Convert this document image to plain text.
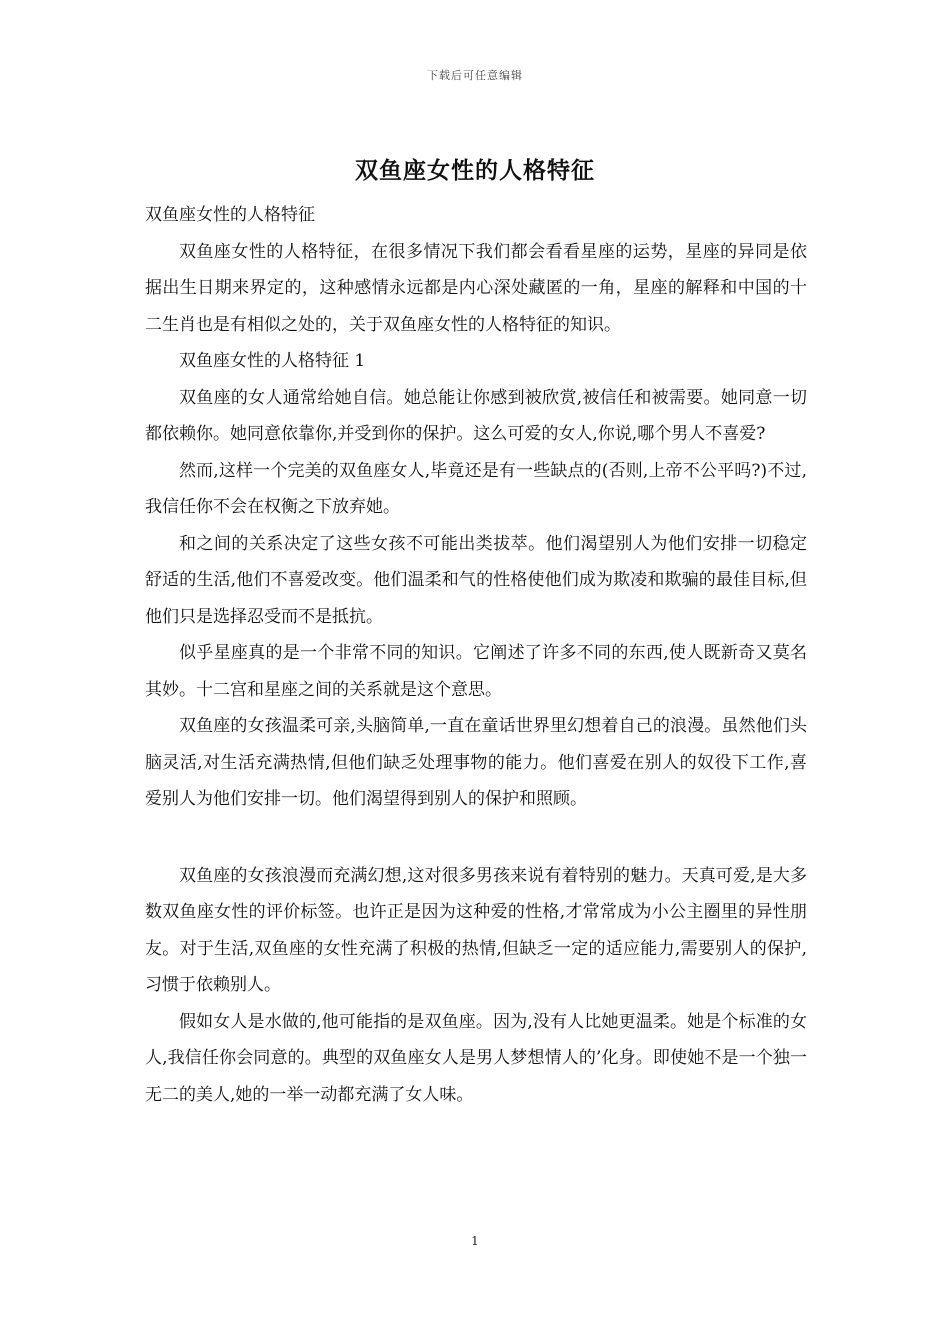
下载后可任意编辑
双鱼座女性的人格特征

双鱼座女性的人格特征

双鱼座女性的人格特征，在很多情况下我们都会看看星座的运势，星座的异同是依据出生日期来界定的，这种感情永远都是内心深处藏匿的一角，星座的解释和中国的十二生肖也是有相似之处的，关于双鱼座女性的人格特征的知识。

双鱼座女性的人格特征 1

双鱼座的女人通常给她自信。她总能让你感到被欣赏,被信任和被需要。她同意一切都依赖你。她同意依靠你,并受到你的保护。这么可爱的女人,你说,哪个男人不喜爱?

然而,这样一个完美的双鱼座女人,毕竟还是有一些缺点的(否则,上帝不公平吗?)不过,我信任你不会在权衡之下放弃她。

和之间的关系决定了这些女孩不可能出类拔萃。他们渴望别人为他们安排一切稳定舒适的生活,他们不喜爱改变。他们温柔和气的性格使他们成为欺凌和欺骗的最佳目标,但他们只是选择忍受而不是抵抗。

似乎星座真的是一个非常不同的知识。它阐述了许多不同的东西,使人既新奇又莫名其妙。十二宫和星座之间的关系就是这个意思。

双鱼座的女孩温柔可亲,头脑简单,一直在童话世界里幻想着自己的浪漫。虽然他们头脑灵活,对生活充满热情,但他们缺乏处理事物的能力。他们喜爱在别人的奴役下工作,喜爱别人为他们安排一切。他们渴望得到别人的保护和照顾。

双鱼座的女孩浪漫而充满幻想,这对很多男孩来说有着特别的魅力。天真可爱,是大多数双鱼座女性的评价标签。也许正是因为这种爱的性格,才常常成为小公主圈里的异性朋友。对于生活,双鱼座的女性充满了积极的热情,但缺乏一定的适应能力,需要别人的保护,习惯于依赖别人。

假如女人是水做的,他可能指的是双鱼座。因为,没有人比她更温柔。她是个标准的女人,我信任你会同意的。典型的双鱼座女人是男人梦想情人的’化身。即使她不是一个独一无二的美人,她的一举一动都充满了女人味。

1
